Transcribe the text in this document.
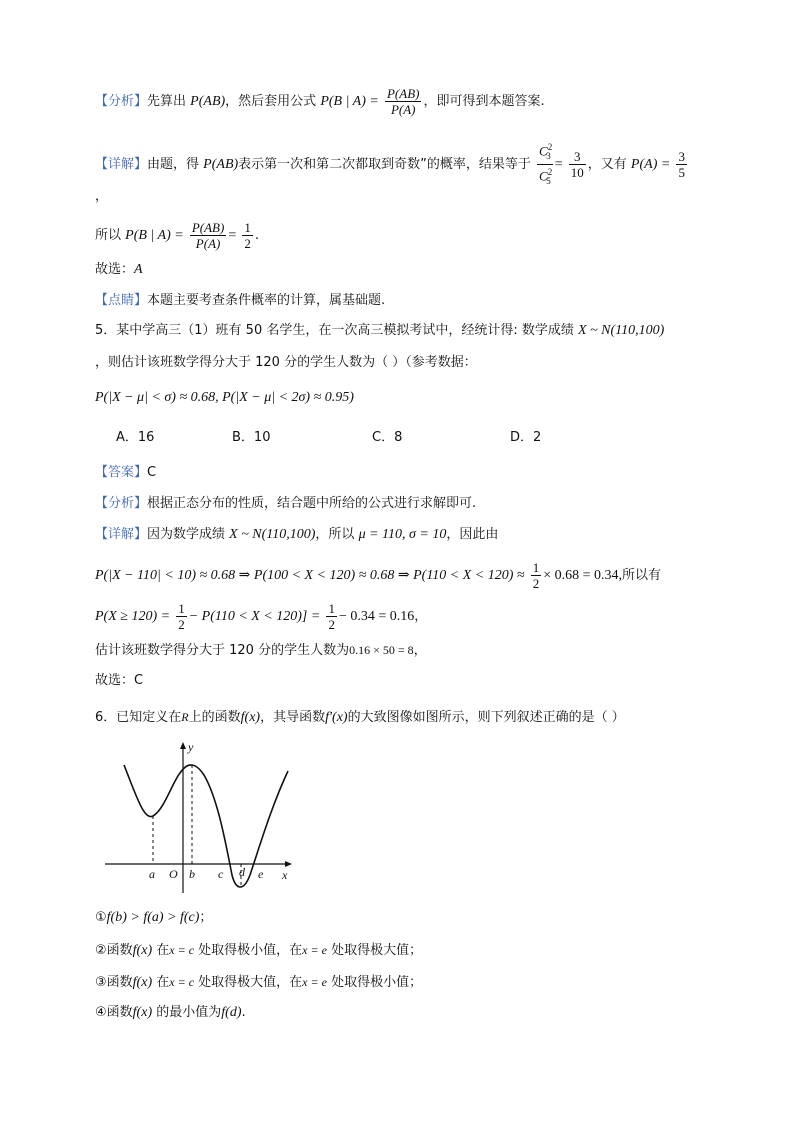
【分析】先算出 P(AB)，然后套用公式 P(B | $A) = \frac{P(AB)}{P(A)}$ ，即可得到本题答案.
【详解】由题，得 P(AB)表示第一次和第二次都取到奇数”的概率，结果等于 $\frac{C^2_3}{C^2_5} = \frac{3}{10}$ ，又有 $P(A) = \frac{3}{5}$
，
所以 P(B | $A) = \frac{P(AB)}{P(A)} = \frac{1}{2}$ .
故选：A
【点睛】本题主要考查条件概率的计算，属基础题.
5．某中学高三（1）班有 50 名学生，在一次高三模拟考试中，经统计得: 数学成绩 X ~ N(110,100)
，则估计该班数学得分大于 120 分的学生人数为（ ）（参考数据：
P(|X − μ| < σ) ≈ 0.68, P(|X − μ| < 2σ) ≈ 0.95)
A．16	B．10	C．8	D．2
【答案】C
【分析】根据正态分布的性质，结合题中所给的公式进行求解即可.
【详解】因为数学成绩 X ~ N(110,100)，所以 μ = 110, σ = 10，因此由
P(|X − 110| < 10) ≈ 0.68 ⇒ P(100 < X < 120) ≈ 0.68 ⇒ $P(110 < X < 120) \approx \frac{1}{2} \times 0.68 = 0.34$,所以有
$P(X \ge 120) = \frac{1}{2} - P(110 < X < 120)] = \frac{1}{2} - 0.34 = 0.16$，
估计该班数学得分大于 120 分的学生人数为0.16 × 50 = 8，
故选：C
6．已知定义在R上的函数f(x)，其导函数f′(x)的大致图像如图所示，则下列叙述正确的是（ ）
y
x
O
a	b c d e
①f(b) > f(a) > f(c)；
②函数f(x) 在x = c 处取得极小值，在x = e 处取得极大值；
③函数f(x) 在x = c 处取得极大值，在x = e 处取得极小值；
④函数f(x) 的最小值为f(d).
